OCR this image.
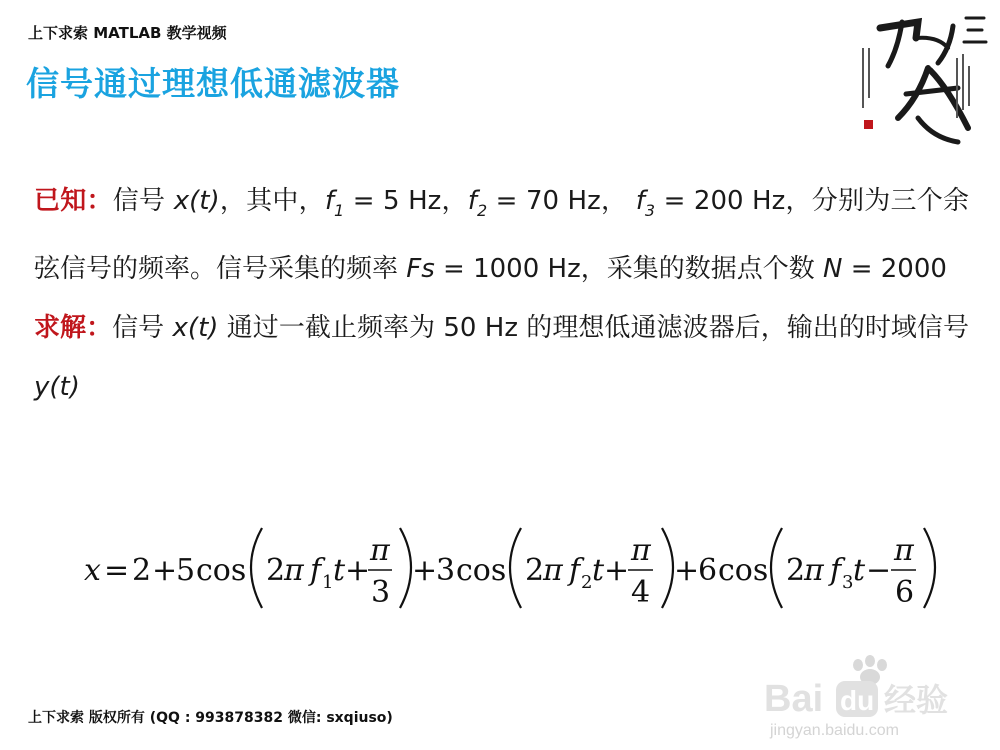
上下求索 MATLAB 教学视频
信号通过理想低通滤波器
已知：信号 x(t)，其中，$f_1 = 5$ Hz，$f_2 = 70$ Hz， $f_3 = 200$ Hz，分别为三个余弦信号的频率。信号采集的频率 Fs = 1000 Hz，采集的数据点个数 N = 2000
求解：信号 x(t) 通过一截止频率为 50 Hz 的理想低通滤波器后，输出的时域信号 y(t)
x = 2 +
5 cos 2
π f 1 t +
π
3
+
3 cos 2
π f 2 t +
π
4
+
6 cos 2
π f 3 t −
π
6
上下求索 版权所有 (QQ : 993878382 微信: sxqiuso)	Bai du 经验
jingyan.baidu.com
